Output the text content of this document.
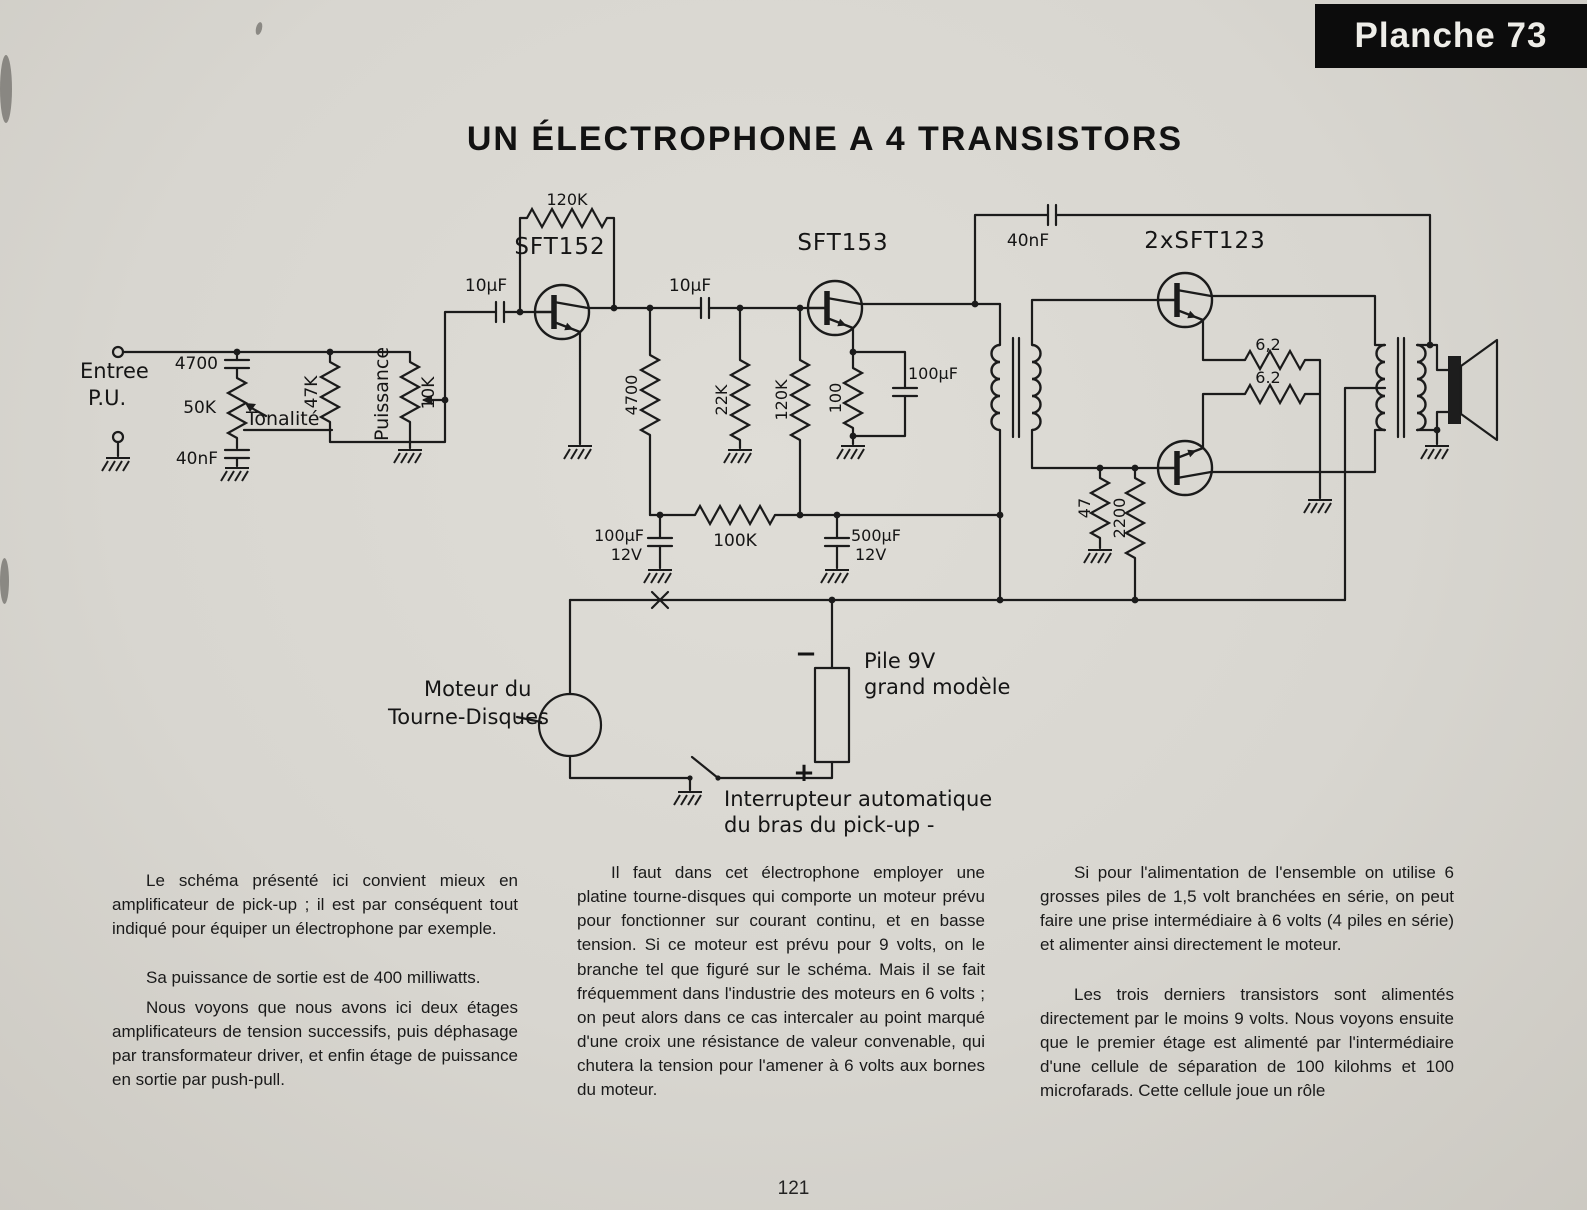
Planche 73
UN ÉLECTROPHONE A 4 TRANSISTORS
Entree
P.U.
4700
50K
40nF
Tonalité	Puissance 10K
47K
SFT152
120K
10µF
SFT153
10µF
4700	22K	120K 100
100µF
40nF	2xSFT123
47 2200
6,2
6.2
100µF
12V
100K	500µF
12V
−
+
Pile 9V
grand modèle
Moteur du
Tourne-Disques
Interrupteur automatique
du bras du pick-up -

Le schéma présenté ici convient mieux en amplificateur de pick-up ; il est par conséquent tout indiqué pour équiper un électrophone par exemple.

Sa puissance de sortie est de 400 milliwatts.

Nous voyons que nous avons ici deux étages amplificateurs de tension successifs, puis déphasage par transformateur driver, et enfin étage de puissance en sortie par push-pull.

Il faut dans cet électrophone employer une platine tourne-disques qui comporte un moteur prévu pour fonctionner sur courant continu, et en basse tension. Si ce moteur est prévu pour 9 volts, on le branche tel que figuré sur le schéma. Mais il se fait fréquemment dans l'industrie des moteurs en 6 volts ; on peut alors dans ce cas intercaler au point marqué d'une croix une résistance de valeur convenable, qui chutera la tension pour l'amener à 6 volts aux bornes du moteur.

Si pour l'alimentation de l'ensemble on utilise 6 grosses piles de 1,5 volt branchées en série, on peut faire une prise intermédiaire à 6 volts (4 piles en série) et alimenter ainsi directement le moteur.

Les trois derniers transistors sont alimentés directement par le moins 9 volts. Nous voyons ensuite que le premier étage est alimenté par l'intermédiaire d'une cellule de séparation de 100 kilohms et 100 microfarads. Cette cellule joue un rôle

121
